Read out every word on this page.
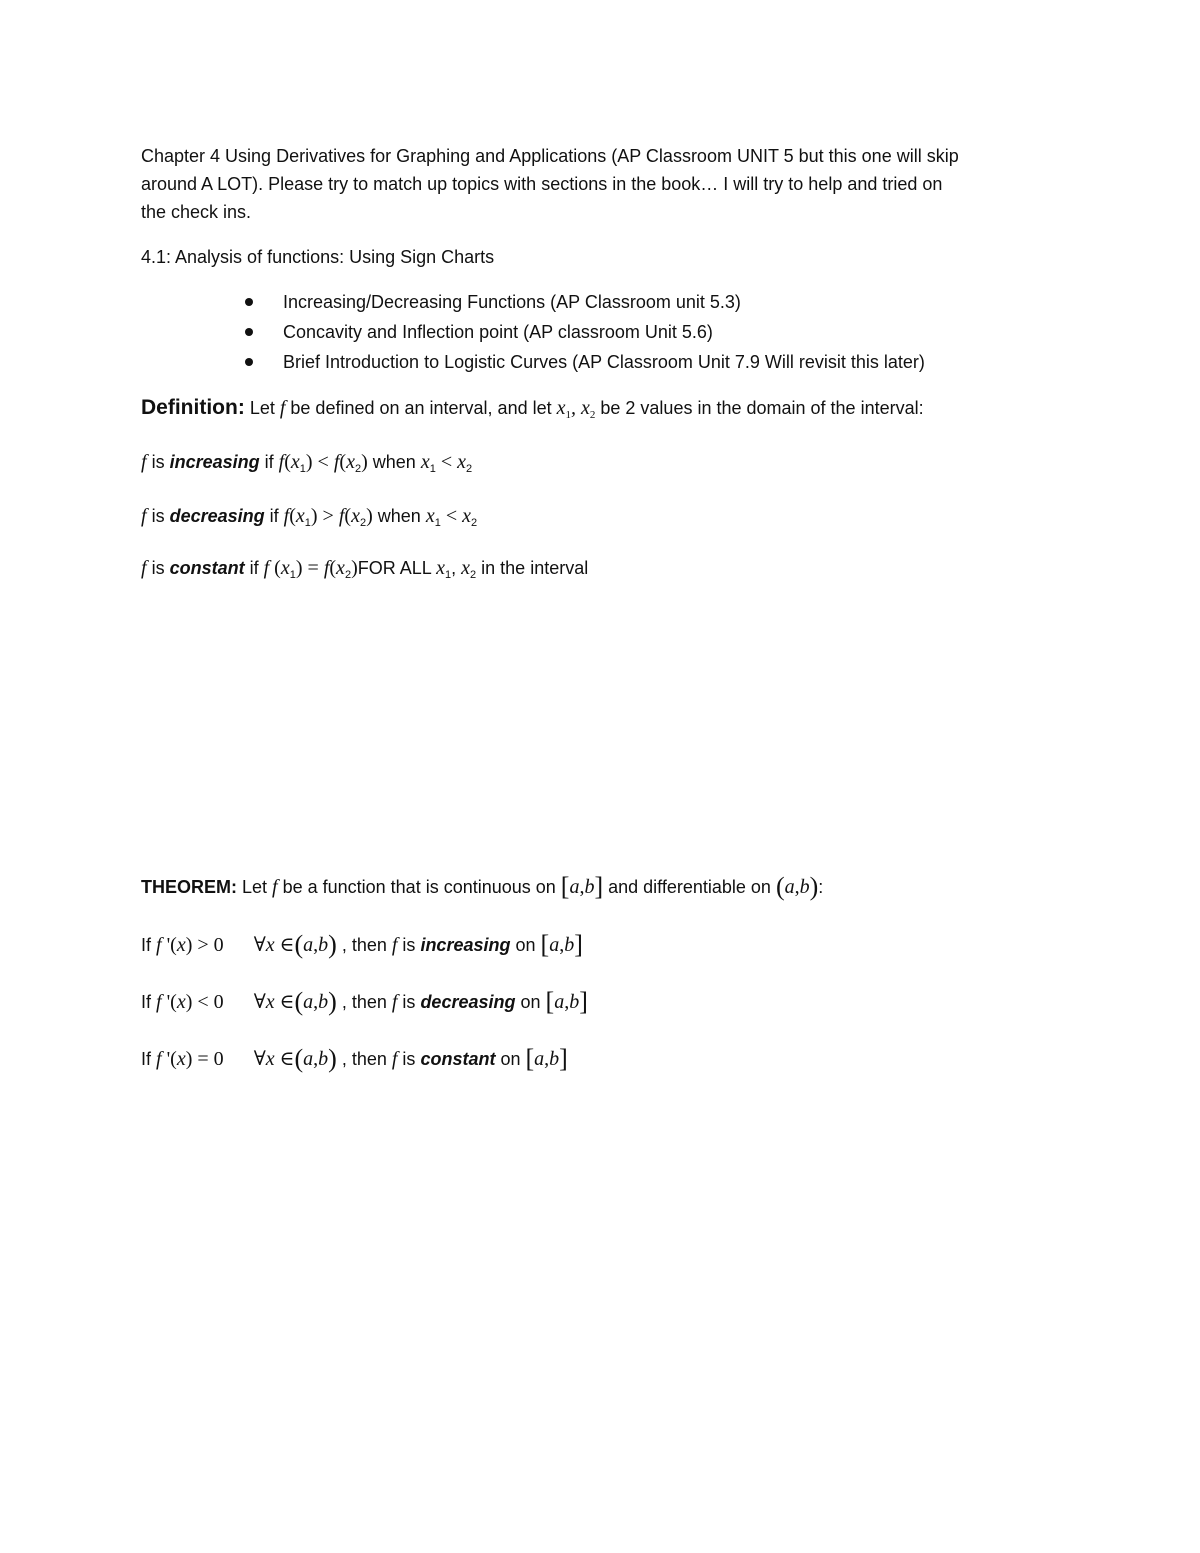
Chapter 4 Using Derivatives for Graphing and Applications (AP Classroom UNIT 5 but this one will skip
around A LOT). Please try to match up topics with sections in the book… I will try to help and tried on
the check ins.
4.1: Analysis of functions: Using Sign Charts
Increasing/Decreasing Functions (AP Classroom unit 5.3)
Concavity and Inflection point (AP classroom Unit 5.6)
Brief Introduction to Logistic Curves (AP Classroom Unit 7.9 Will revisit this later)
Definition: Let f be defined on an interval, and let $x_1$, $x_2$ be 2 values in the domain of the interval:
f is increasing if $f(x_1) < f(x_2)$ when $x_1 < x_2$
f is decreasing if $f(x_1) > f(x_2)$ when $x_1 < x_2$
f is constant if f $(x_1) = f(x_2)FOR$ ALL $x_1$, $x_2$ in the interval
THEOREM: Let f be a function that is continuous on [a,b] and differentiable on (a,b):
If f '(x) > 0 ∀x ∈(a,b) , then f is increasing on [a,b]
If f '(x) < 0 ∀x ∈(a,b) , then f is decreasing on [a,b]
If f '(x) = 0 ∀x ∈(a,b) , then f is constant on [a,b]
